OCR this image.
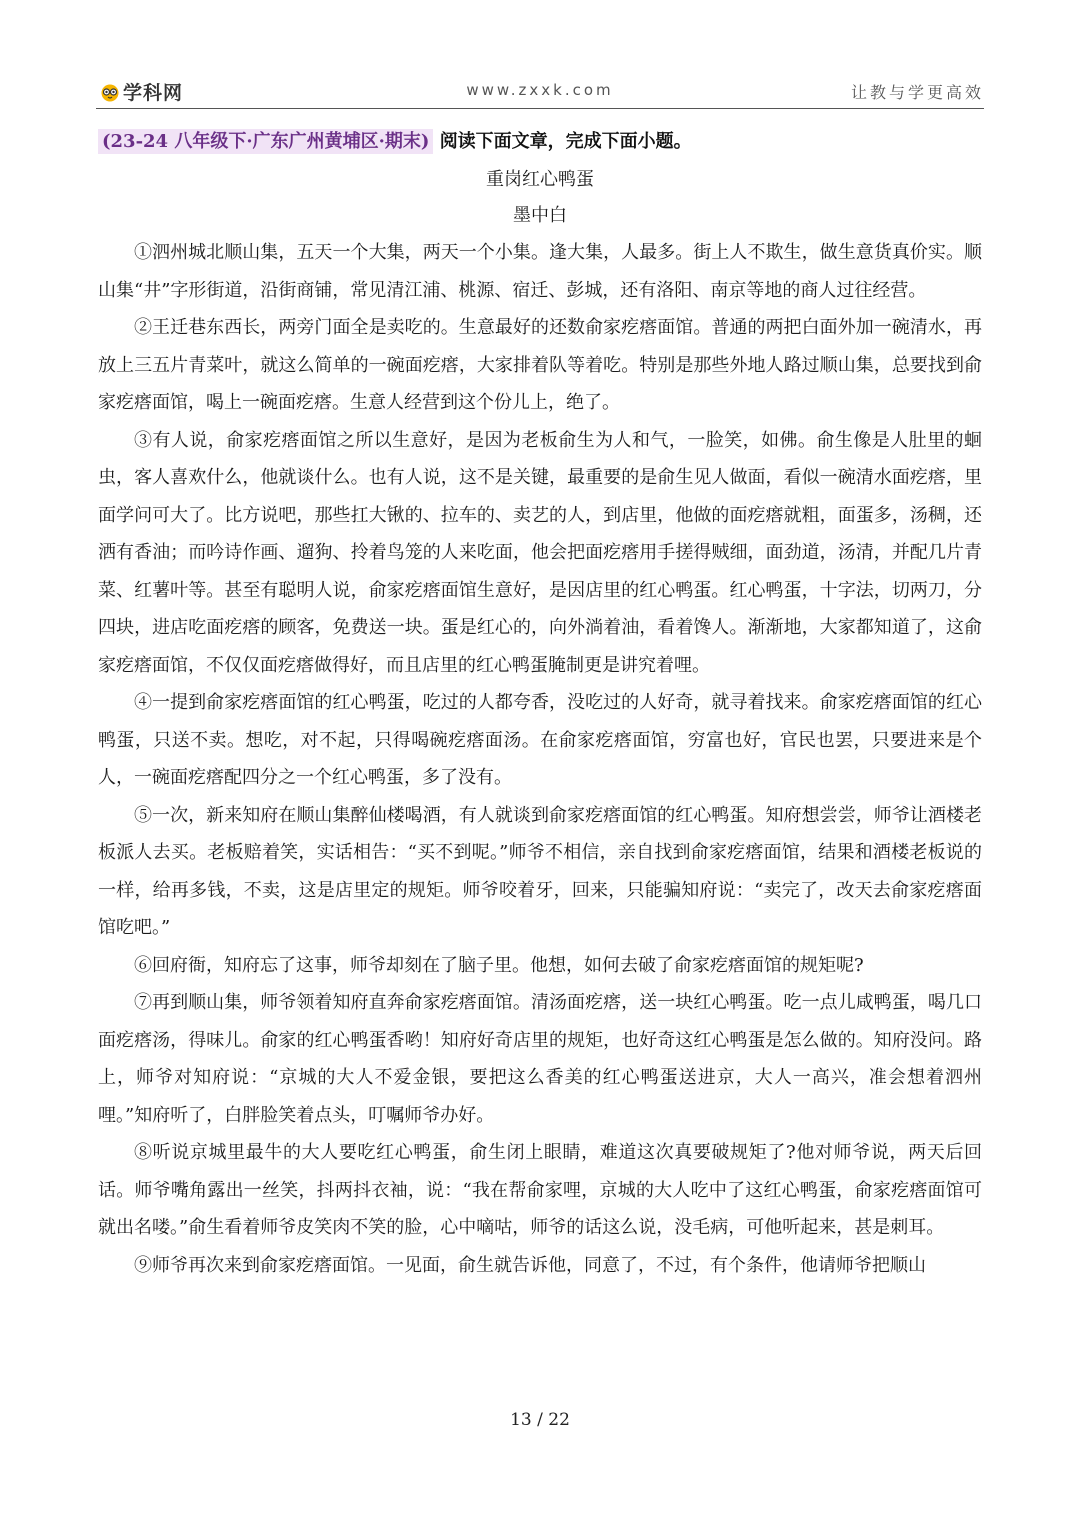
学科网	www.zxxk.com	让教与学更高效

(23-24 八年级下·广东广州黄埔区·期末) 阅读下面文章，完成下面小题。

重岗红心鸭蛋

墨中白

①泗州城北顺山集，五天一个大集，两天一个小集。逢大集，人最多。街上人不欺生，做生意货真价实。顺山集“井”字形街道，沿街商铺，常见清江浦、桃源、宿迁、彭城，还有洛阳、南京等地的商人过往经营。

②王迁巷东西长，两旁门面全是卖吃的。生意最好的还数俞家疙瘩面馆。普通的两把白面外加一碗清水，再放上三五片青菜叶，就这么简单的一碗面疙瘩，大家排着队等着吃。特别是那些外地人路过顺山集，总要找到俞家疙瘩面馆，喝上一碗面疙瘩。生意人经营到这个份儿上，绝了。

③有人说，俞家疙瘩面馆之所以生意好，是因为老板俞生为人和气，一脸笑，如佛。俞生像是人肚里的蛔虫，客人喜欢什么，他就谈什么。也有人说，这不是关键，最重要的是俞生见人做面，看似一碗清水面疙瘩，里面学问可大了。比方说吧，那些扛大锹的、拉车的、卖艺的人，到店里，他做的面疙瘩就粗，面蛋多，汤稠，还洒有香油；而吟诗作画、遛狗、拎着鸟笼的人来吃面，他会把面疙瘩用手搓得贼细，面劲道，汤清，并配几片青菜、红薯叶等。甚至有聪明人说，俞家疙瘩面馆生意好，是因店里的红心鸭蛋。红心鸭蛋，十字法，切两刀，分四块，进店吃面疙瘩的顾客，免费送一块。蛋是红心的，向外淌着油，看着馋人。渐渐地，大家都知道了，这俞家疙瘩面馆，不仅仅面疙瘩做得好，而且店里的红心鸭蛋腌制更是讲究着哩。

④一提到俞家疙瘩面馆的红心鸭蛋，吃过的人都夸香，没吃过的人好奇，就寻着找来。俞家疙瘩面馆的红心鸭蛋，只送不卖。想吃，对不起，只得喝碗疙瘩面汤。在俞家疙瘩面馆，穷富也好，官民也罢，只要进来是个人，一碗面疙瘩配四分之一个红心鸭蛋，多了没有。

⑤一次，新来知府在顺山集醉仙楼喝酒，有人就谈到俞家疙瘩面馆的红心鸭蛋。知府想尝尝，师爷让酒楼老板派人去买。老板赔着笑，实话相告：“买不到呢。”师爷不相信，亲自找到俞家疙瘩面馆，结果和酒楼老板说的一样，给再多钱，不卖，这是店里定的规矩。师爷咬着牙，回来，只能骗知府说：“卖完了，改天去俞家疙瘩面馆吃吧。”

⑥回府衙，知府忘了这事，师爷却刻在了脑子里。他想，如何去破了俞家疙瘩面馆的规矩呢?

⑦再到顺山集，师爷领着知府直奔俞家疙瘩面馆。清汤面疙瘩，送一块红心鸭蛋。吃一点儿咸鸭蛋，喝几口面疙瘩汤，得味儿。俞家的红心鸭蛋香哟！知府好奇店里的规矩，也好奇这红心鸭蛋是怎么做的。知府没问。路上，师爷对知府说：“京城的大人不爱金银，要把这么香美的红心鸭蛋送进京，大人一高兴，准会想着泗州哩。”知府听了，白胖脸笑着点头，叮嘱师爷办好。

⑧听说京城里最牛的大人要吃红心鸭蛋，俞生闭上眼睛，难道这次真要破规矩了?他对师爷说，两天后回话。师爷嘴角露出一丝笑，抖两抖衣袖，说：“我在帮俞家哩，京城的大人吃中了这红心鸭蛋，俞家疙瘩面馆可就出名喽。”俞生看着师爷皮笑肉不笑的脸，心中嘀咕，师爷的话这么说，没毛病，可他听起来，甚是刺耳。

⑨师爷再次来到俞家疙瘩面馆。一见面，俞生就告诉他，同意了，不过，有个条件，他请师爷把顺山

13 / 22
